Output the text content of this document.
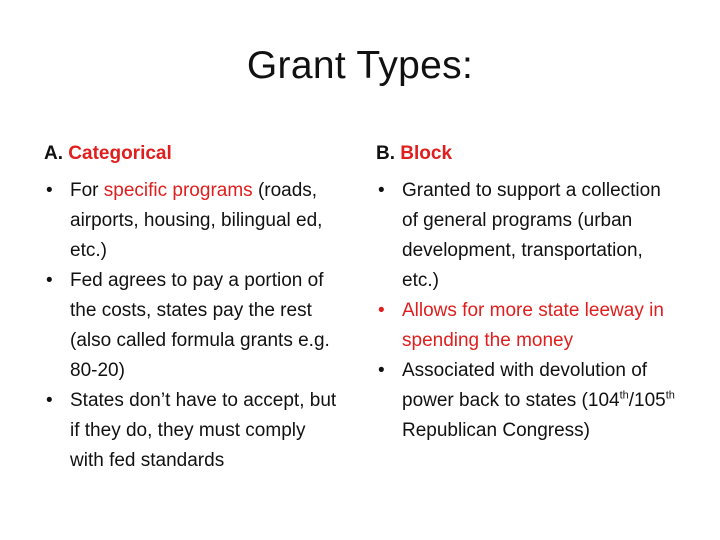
Grant Types:
A. Categorical
• For specific programs (roads, airports, housing, bilingual ed, etc.)
• Fed agrees to pay a portion of the costs, states pay the rest (also called formula grants e.g. 80-20)
• States don’t have to accept, but if they do, they must comply with fed standards
B. Block
• Granted to support a collection of general programs (urban development, transportation, etc.)
• Allows for more state leeway in spending the money
• Associated with devolution of power back to states (104th/105th Republican Congress)
